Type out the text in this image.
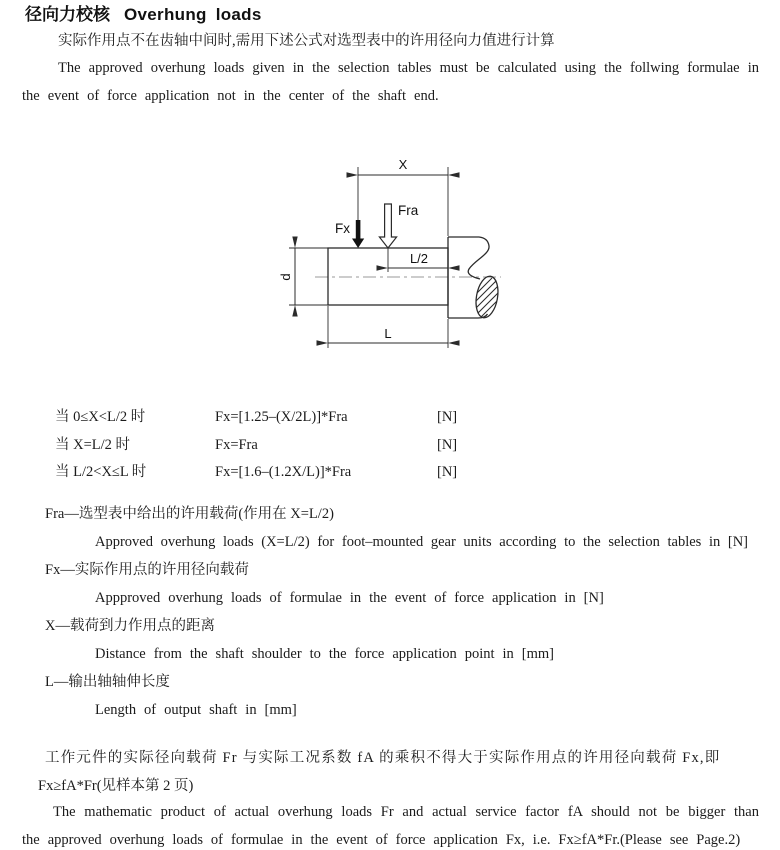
径向力校核 Overhung loads
实际作用点不在齿轴中间时,需用下述公式对选型表中的许用径向力值进行计算
The approved overhung loads given in the selection tables must be calculated using the follwing formulae in
the event of force application not in the center of the shaft end.
X
Fx
Fra
L/2
d
L
当 0≤X<L/2 时	Fx=[1.25–(X/2L)]*Fra	[N]
当 X=L/2 时	Fx=Fra	[N]
当 L/2<X≤L 时	Fx=[1.6–(1.2X/L)]*Fra	[N]
Fra—选型表中给出的许用载荷(作用在 X=L/2)
Approved overhung loads (X=L/2) for foot–mounted gear units according to the selection tables in [N]
Fx—实际作用点的许用径向载荷
Appproved overhung loads of formulae in the event of force application in [N]
X—载荷到力作用点的距离
Distance from the shaft shoulder to the force application point in [mm]
L—输出轴轴伸长度
Length of output shaft in [mm]
工作元件的实际径向载荷 Fr 与实际工况系数 fA 的乘积不得大于实际作用点的许用径向载荷 Fx,即
Fx≥fA*Fr(见样本第 2 页)
The mathematic product of actual overhung loads Fr and actual service factor fA should not be bigger than
the approved overhung loads of formulae in the event of force application Fx, i.e. Fx≥fA*Fr.(Please see Page.2)
